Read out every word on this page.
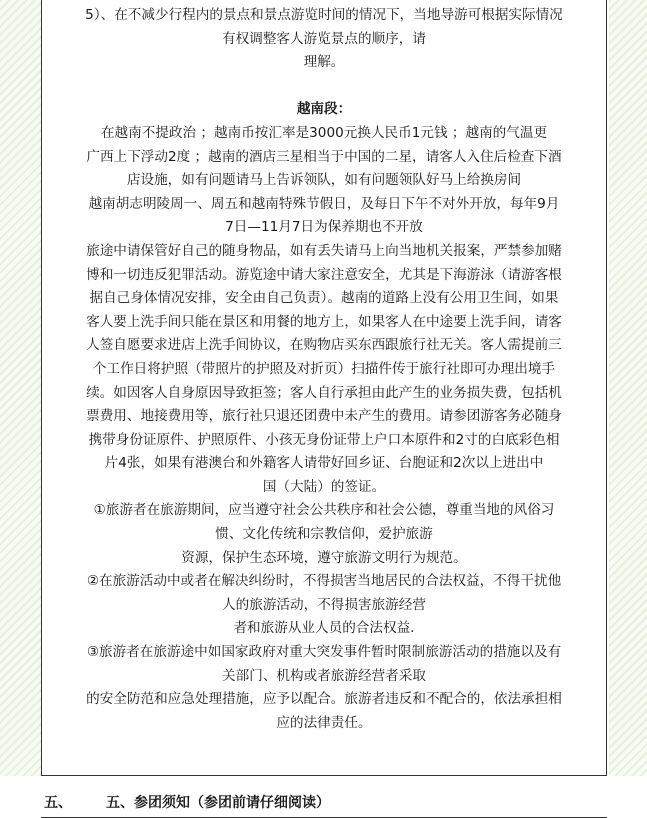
5）、在不减少行程内的景点和景点游览时间的情况下，当地导游可根据实际情况
有权调整客人游览景点的顺序，请
理解。

越南段：
在越南不提政治 ；越南币按汇率是3000元换人民币1元钱 ；越南的气温更
广西上下浮动2度 ；越南的酒店三星相当于中国的二星，请客人入住后检查下酒
店设施，如有问题请马上告诉领队，如有问题领队好马上给换房间
越南胡志明陵周一、周五和越南特殊节假日，及每日下午不对外开放，每年9月
7日—11月7日为保养期也不开放
旅途中请保管好自己的随身物品，如有丢失请马上向当地机关报案，严禁参加赌
博和一切违反犯罪活动。游览途中请大家注意安全，尤其是下海游泳（请游客根
据自己身体情况安排，安全由自己负责）。越南的道路上没有公用卫生间，如果
客人要上洗手间只能在景区和用餐的地方上，如果客人在中途要上洗手间，请客
人签自愿要求进店上洗手间协议，在购物店买东西跟旅行社无关。客人需提前三
个工作日将护照（带照片的护照及对折页）扫描件传于旅行社即可办理出境手
续。如因客人自身原因导致拒签；客人自行承担由此产生的业务损失费，包括机
票费用、地接费用等，旅行社只退还团费中未产生的费用。请参团游客务必随身
携带身份证原件、护照原件、小孩无身份证带上户口本原件和2寸的白底彩色相
片4张，如果有港澳台和外籍客人请带好回乡证、台胞证和2次以上进出中
国（大陆）的签证。
①旅游者在旅游期间，应当遵守社会公共秩序和社会公德，尊重当地的风俗习
惯、文化传统和宗教信仰，爱护旅游
资源，保护生态环境，遵守旅游文明行为规范。
②在旅游活动中或者在解决纠纷时，不得损害当地居民的合法权益，不得干扰他
人的旅游活动，不得损害旅游经营
者和旅游从业人员的合法权益.
③旅游者在旅游途中如国家政府对重大突发事件暂时限制旅游活动的措施以及有
关部门、机构或者旅游经营者采取
的安全防范和应急处理措施，应予以配合。旅游者违反和不配合的，依法承担相
应的法律责任。
五、 五、参团须知（参团前请仔细阅读）
